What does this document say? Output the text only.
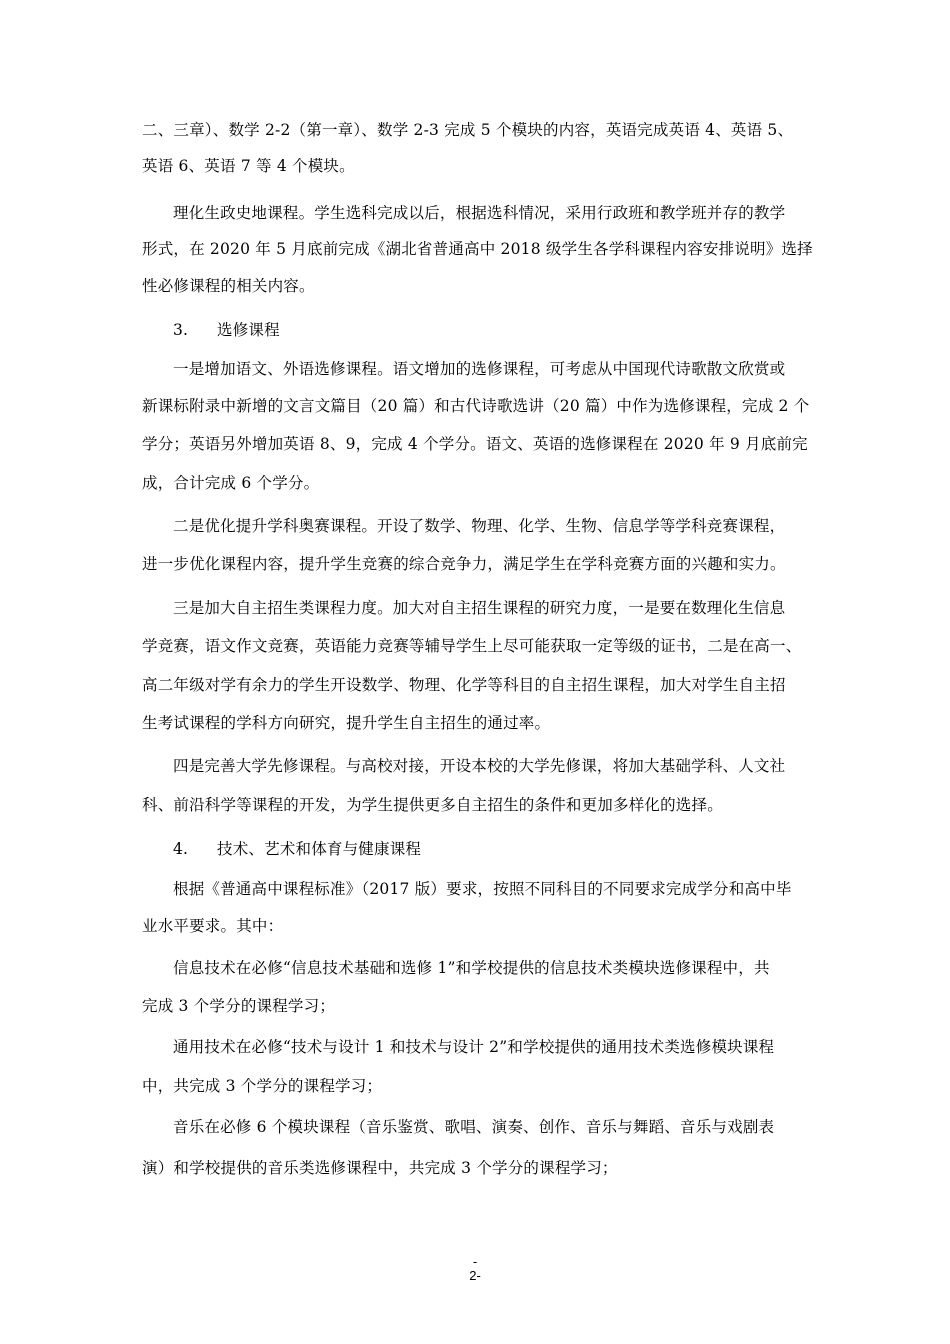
二、三章）、数学 2-2（第一章）、数学 2-3 完成 5 个模块的内容，英语完成英语 4、英语 5、
英语 6、英语 7 等 4 个模块。
理化生政史地课程。学生选科完成以后，根据选科情况，采用行政班和教学班并存的教学
形式，在 2020 年 5 月底前完成《湖北省普通高中 2018 级学生各学科课程内容安排说明》选择
性必修课程的相关内容。
3. 选修课程
一是增加语文、外语选修课程。语文增加的选修课程，可考虑从中国现代诗歌散文欣赏或
新课标附录中新增的文言文篇目（20 篇）和古代诗歌选讲（20 篇）中作为选修课程，完成 2 个
学分；英语另外增加英语 8、9，完成 4 个学分。语文、英语的选修课程在 2020 年 9 月底前完
成，合计完成 6 个学分。
二是优化提升学科奥赛课程。开设了数学、物理、化学、生物、信息学等学科竞赛课程，
进一步优化课程内容，提升学生竞赛的综合竞争力，满足学生在学科竞赛方面的兴趣和实力。
三是加大自主招生类课程力度。加大对自主招生课程的研究力度，一是要在数理化生信息
学竞赛，语文作文竞赛，英语能力竞赛等辅导学生上尽可能获取一定等级的证书，二是在高一、
高二年级对学有余力的学生开设数学、物理、化学等科目的自主招生课程，加大对学生自主招
生考试课程的学科方向研究，提升学生自主招生的通过率。
四是完善大学先修课程。与高校对接，开设本校的大学先修课，将加大基础学科、人文社
科、前沿科学等课程的开发，为学生提供更多自主招生的条件和更加多样化的选择。
4. 技术、艺术和体育与健康课程
根据《普通高中课程标准》（2017 版）要求，按照不同科目的不同要求完成学分和高中毕
业水平要求。其中：
信息技术在必修“信息技术基础和选修 1”和学校提供的信息技术类模块选修课程中，共
完成 3 个学分的课程学习；
通用技术在必修“技术与设计 1 和技术与设计 2”和学校提供的通用技术类选修模块课程
中，共完成 3 个学分的课程学习；
音乐在必修 6 个模块课程（音乐鉴赏、歌唱、演奏、创作、音乐与舞蹈、音乐与戏剧表
演）和学校提供的音乐类选修课程中，共完成 3 个学分的课程学习；
-
2-
